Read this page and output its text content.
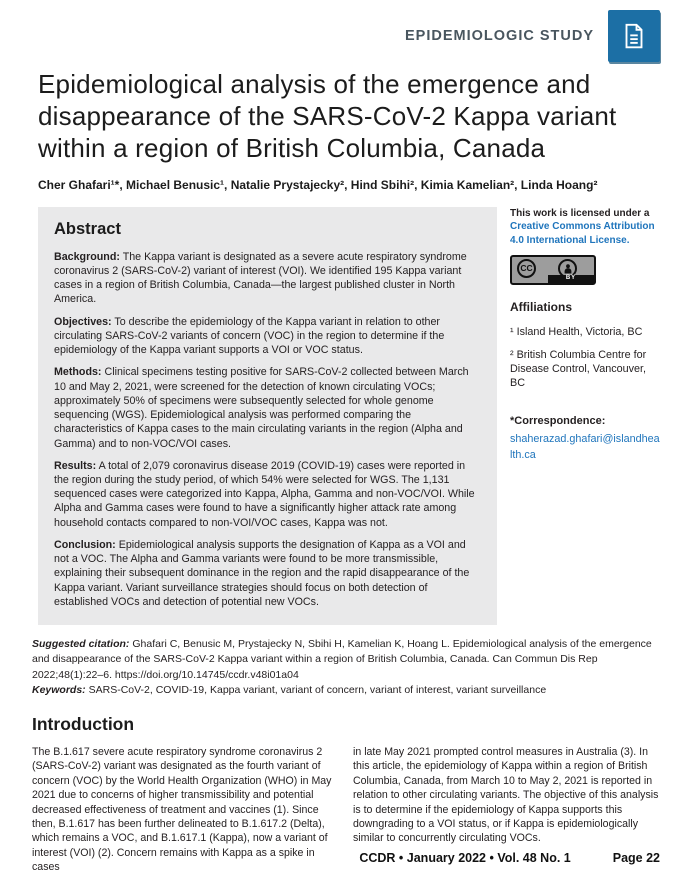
EPIDEMIOLOGIC STUDY
Epidemiological analysis of the emergence and disappearance of the SARS-CoV-2 Kappa variant within a region of British Columbia, Canada
Cher Ghafari¹*, Michael Benusic¹, Natalie Prystajecky², Hind Sbihi², Kimia Kamelian², Linda Hoang²
Abstract

Background: The Kappa variant is designated as a severe acute respiratory syndrome coronavirus 2 (SARS-CoV-2) variant of interest (VOI). We identified 195 Kappa variant cases in a region of British Columbia, Canada—the largest published cluster in North America.

Objectives: To describe the epidemiology of the Kappa variant in relation to other circulating SARS-CoV-2 variants of concern (VOC) in the region to determine if the epidemiology of the Kappa variant supports a VOI or VOC status.

Methods: Clinical specimens testing positive for SARS-CoV-2 collected between March 10 and May 2, 2021, were screened for the detection of known circulating VOCs; approximately 50% of specimens were subsequently selected for whole genome sequencing (WGS). Epidemiological analysis was performed comparing the characteristics of Kappa cases to the main circulating variants in the region (Alpha and Gamma) and to non-VOC/VOI cases.

Results: A total of 2,079 coronavirus disease 2019 (COVID-19) cases were reported in the region during the study period, of which 54% were selected for WGS. The 1,131 sequenced cases were categorized into Kappa, Alpha, Gamma and non-VOC/VOI. While Alpha and Gamma cases were found to have a significantly higher attack rate among household contacts compared to non-VOI/VOC cases, Kappa was not.

Conclusion: Epidemiological analysis supports the designation of Kappa as a VOI and not a VOC. The Alpha and Gamma variants were found to be more transmissible, explaining their subsequent dominance in the region and the rapid disappearance of the Kappa variant. Variant surveillance strategies should focus on both detection of established VOCs and detection of potential new VOCs.

This work is licensed under a Creative Commons Attribution 4.0 International License.
CC
BY
Affiliations
¹ Island Health, Victoria, BC
² British Columbia Centre for Disease Control, Vancouver, BC
*Correspondence:
shaherazad.ghafari@islandhealth.ca
Suggested citation: Ghafari C, Benusic M, Prystajecky N, Sbihi H, Kamelian K, Hoang L. Epidemiological analysis of the emergence and disappearance of the SARS-CoV-2 Kappa variant within a region of British Columbia, Canada. Can Commun Dis Rep 2022;48(1):22–6. https://doi.org/10.14745/ccdr.v48i01a04
Keywords: SARS-CoV-2, COVID-19, Kappa variant, variant of concern, variant of interest, variant surveillance
Introduction
The B.1.617 severe acute respiratory syndrome coronavirus 2 (SARS-CoV-2) variant was designated as the fourth variant of concern (VOC) by the World Health Organization (WHO) in May 2021 due to concerns of higher transmissibility and potential decreased effectiveness of treatment and vaccines (1). Since then, B.1.617 has been further delineated to B.1.617.2 (Delta), which remains a VOC, and B.1.617.1 (Kappa), now a variant of interest (VOI) (2). Concern remains with Kappa as a spike in cases
in late May 2021 prompted control measures in Australia (3). In this article, the epidemiology of Kappa within a region of British Columbia, Canada, from March 10 to May 2, 2021 is reported in relation to other circulating variants. The objective of this analysis is to determine if the epidemiology of Kappa supports this downgrading to a VOI status, or if Kappa is epidemiologically similar to concurrently circulating VOCs.
CCDR • January 2022 • Vol. 48 No. 1	Page 22
